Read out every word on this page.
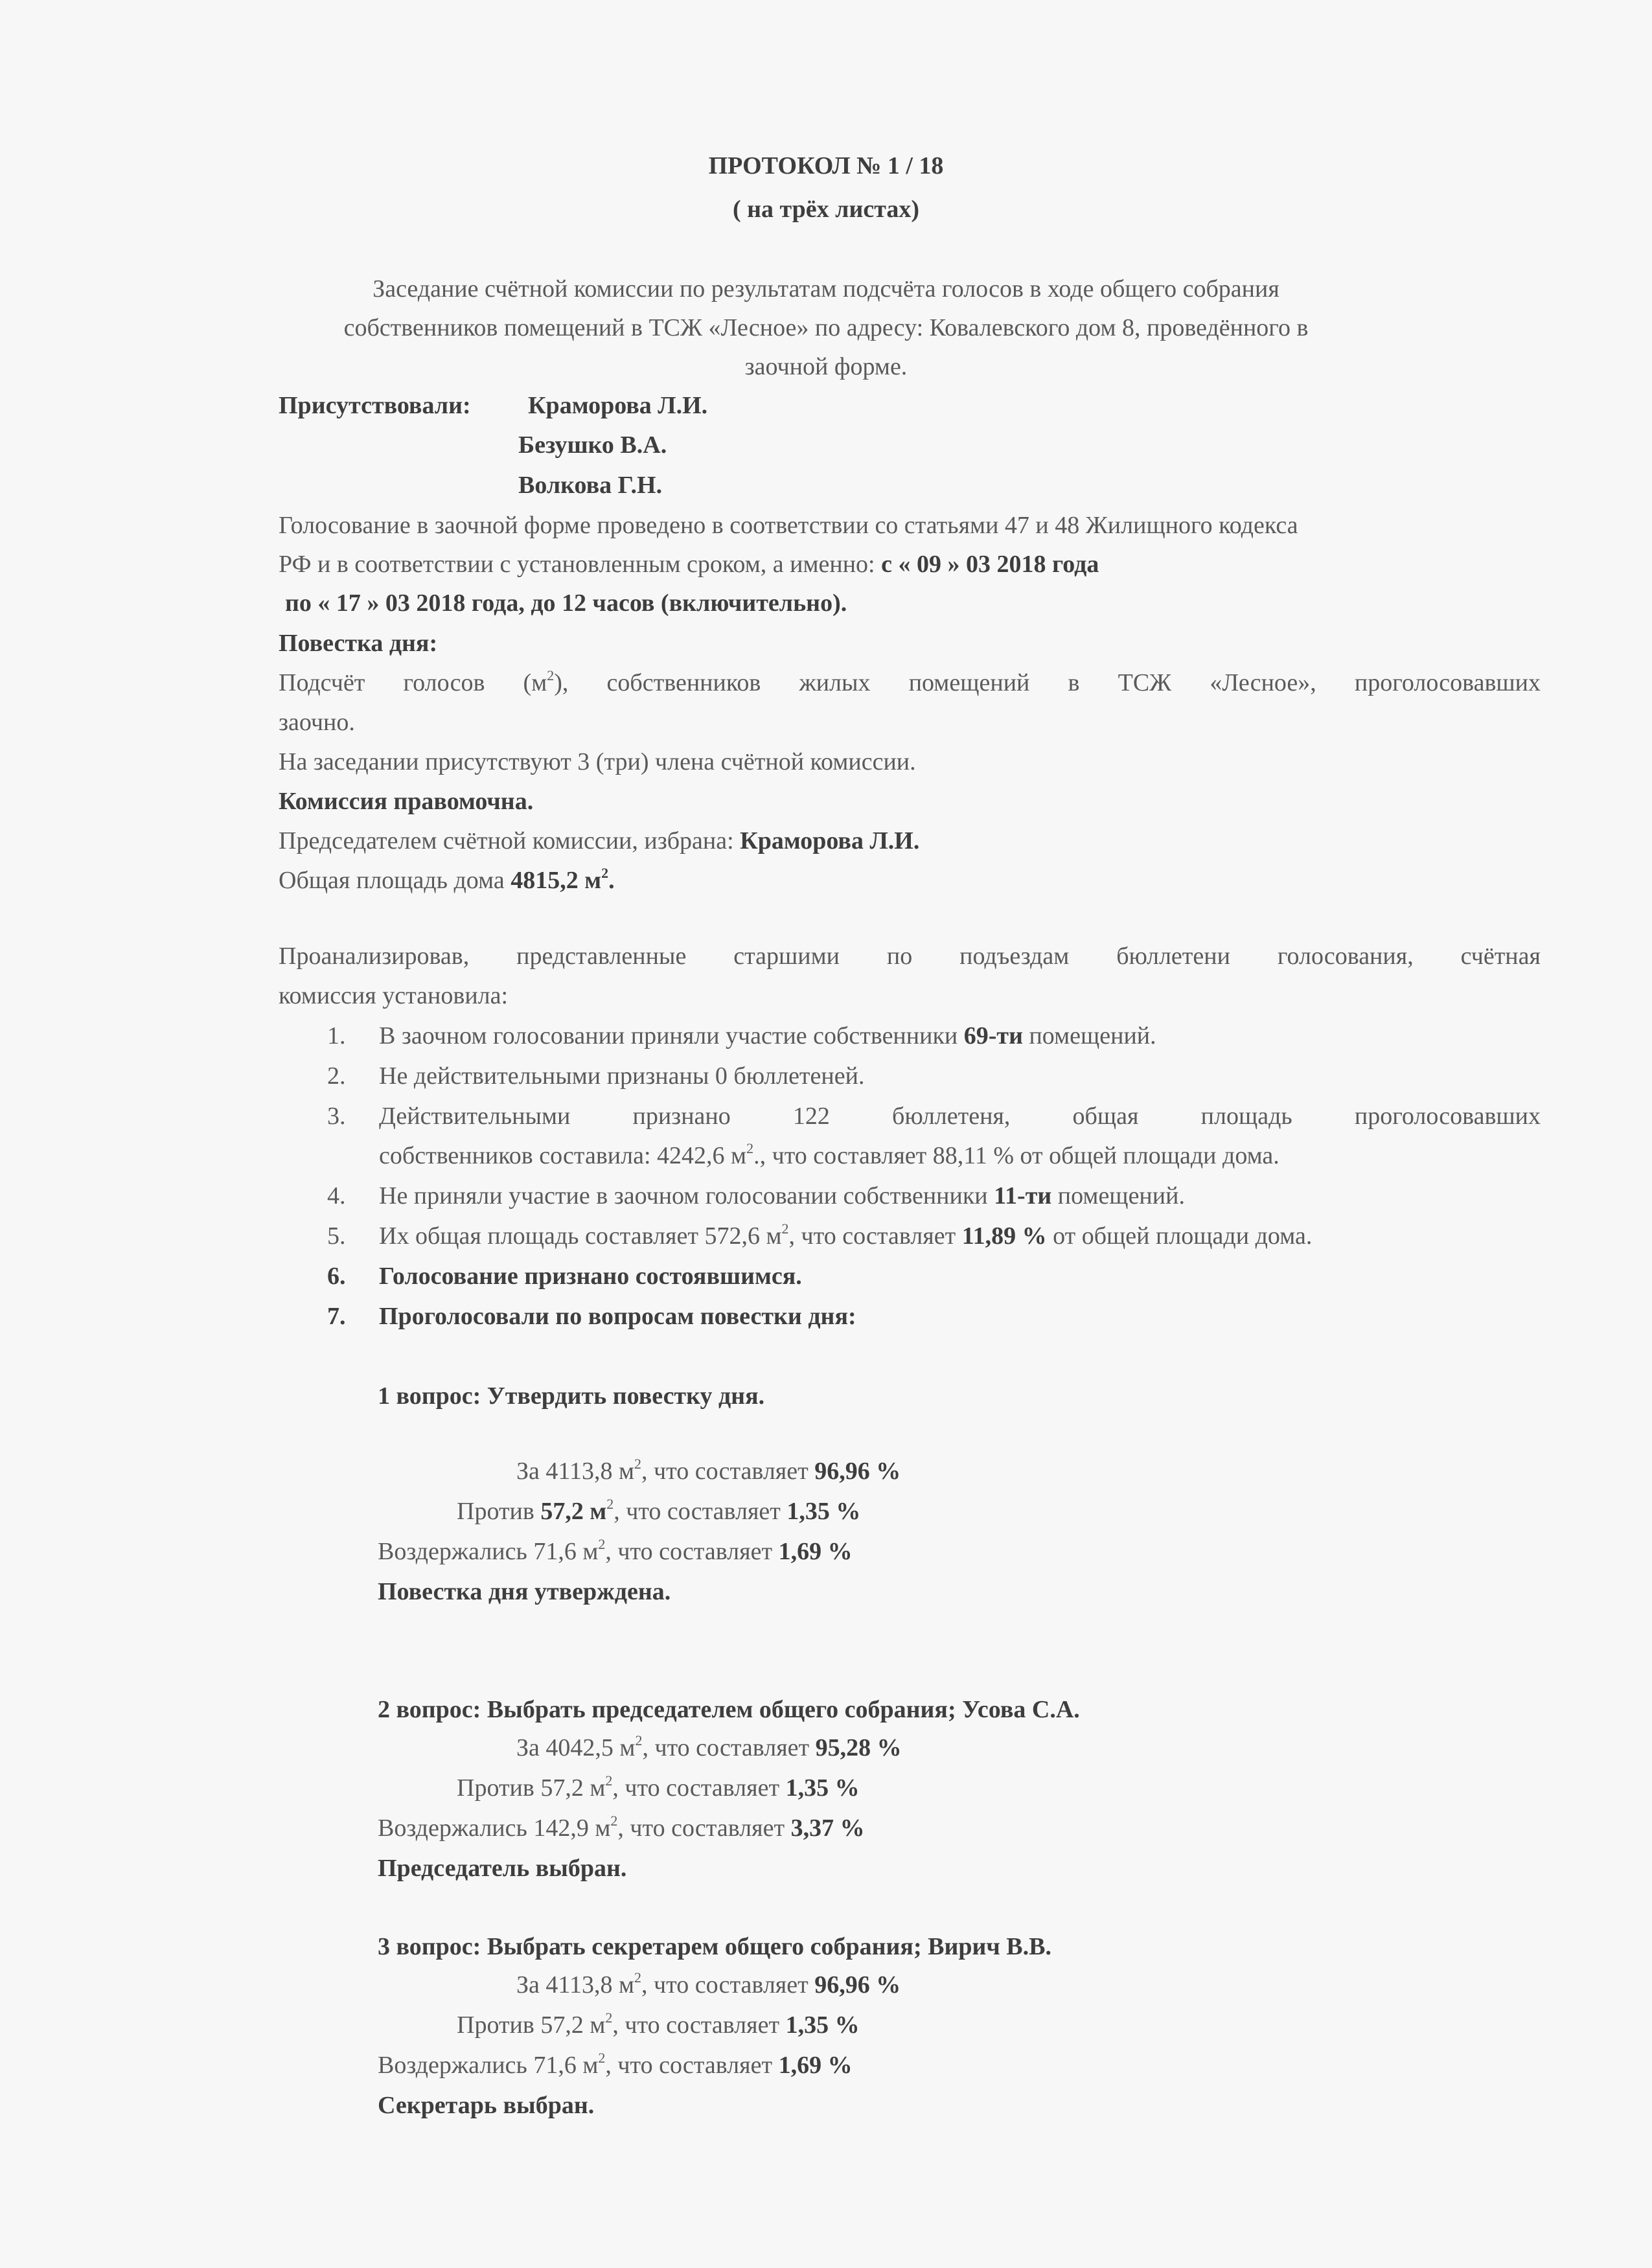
ПРОТОКОЛ № 1 / 18
( на трёх листах)
Заседание счётной комиссии по результатам подсчёта голосов в ходе общего собрания
собственников помещений в ТСЖ «Лесное» по адресу: Ковалевского дом 8, проведённого в
заочной форме.
Присутствовали: Краморова Л.И.
Безушко В.А.
Волкова Г.Н.
Голосование в заочной форме проведено в соответствии со статьями 47 и 48 Жилищного кодекса
РФ и в соответствии с установленным сроком, а именно: с « 09 » 03 2018 года
по « 17 » 03 2018 года, до 12 часов (включительно).
Повестка дня:
Подсчёт голосов $(м^2)$, собственников жилых помещений в ТСЖ «Лесное», проголосовавших
заочно.
На заседании присутствуют 3 (три) члена счётной комиссии.
Комиссия правомочна.
Председателем счётной комиссии, избрана: Краморова Л.И.
Общая площадь дома 4815,2 $м^2$.
Проанализировав, представленные старшими по подъездам бюллетени голосования, счётная
комиссия установила:
1. В заочном голосовании приняли участие собственники 69-ти помещений.
2. Не действительными признаны 0 бюллетеней.
3. Действительными признано 122 бюллетеня, общая площадь проголосовавших
собственников составила: 4242,6 $м^2$., что составляет 88,11 % от общей площади дома.
4. Не приняли участие в заочном голосовании собственники 11-ти помещений.
5. Их общая площадь составляет 572,6 $м^2$, что составляет 11,89 % от общей площади дома.
6. Голосование признано состоявшимся.
7. Проголосовали по вопросам повестки дня:
1 вопрос: Утвердить повестку дня.
За 4113,8 $м^2$, что составляет 96,96 %
Против 57,2 $м^2$, что составляет 1,35 %
Воздержались 71,6 $м^2$, что составляет 1,69 %
Повестка дня утверждена.
2 вопрос: Выбрать председателем общего собрания; Усова С.А.
За 4042,5 $м^2$, что составляет 95,28 %
Против 57,2 $м^2$, что составляет 1,35 %
Воздержались 142,9 $м^2$, что составляет 3,37 %
Председатель выбран.
3 вопрос: Выбрать секретарем общего собрания; Вирич В.В.
За 4113,8 $м^2$, что составляет 96,96 %
Против 57,2 $м^2$, что составляет 1,35 %
Воздержались 71,6 $м^2$, что составляет 1,69 %
Секретарь выбран.
